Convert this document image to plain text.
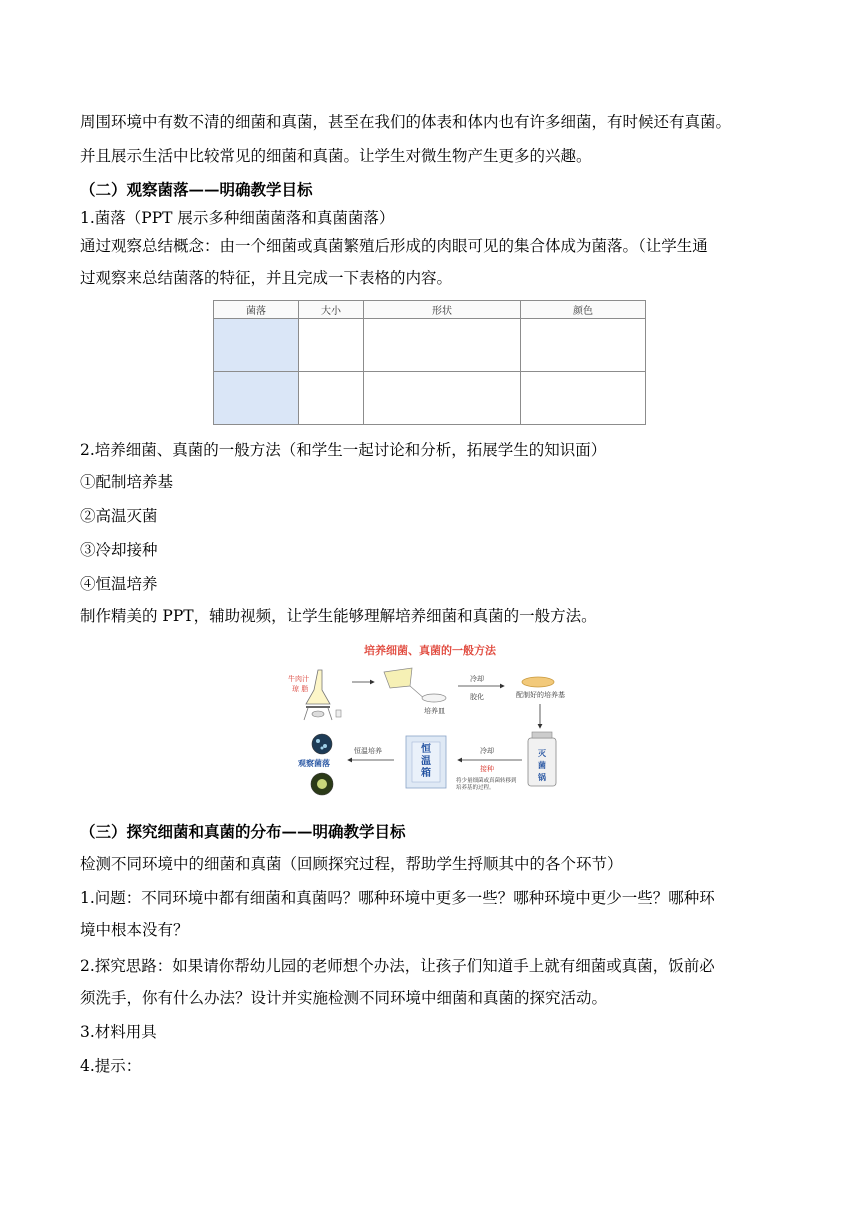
周围环境中有数不清的细菌和真菌，甚至在我们的体表和体内也有许多细菌，有时候还有真菌。
并且展示生活中比较常见的细菌和真菌。让学生对微生物产生更多的兴趣。
（二）观察菌落——明确教学目标
1.菌落（PPT 展示多种细菌菌落和真菌菌落）
通过观察总结概念：由一个细菌或真菌繁殖后形成的肉眼可见的集合体成为菌落。（让学生通
过观察来总结菌落的特征，并且完成一下表格的内容。
菌落	大小	形状	颜色

2.培养细菌、真菌的一般方法（和学生一起讨论和分析，拓展学生的知识面）
①配制培养基
②高温灭菌
③冷却接种
④恒温培养
制作精美的 PPT，辅助视频，让学生能够理解培养细菌和真菌的一般方法。
培养细菌、真菌的一般方法
牛肉汁
琼 脂
培养皿
冷却
胶化	配制好的培养基
灭菌锅
冷却
接种
将少量细菌或真菌转移到
培养基的过程。
恒温箱
恒温培养
观察菌落
（三）探究细菌和真菌的分布——明确教学目标
检测不同环境中的细菌和真菌（回顾探究过程，帮助学生捋顺其中的各个环节）
1.问题：不同环境中都有细菌和真菌吗？哪种环境中更多一些？哪种环境中更少一些？哪种环
境中根本没有？
2.探究思路：如果请你帮幼儿园的老师想个办法，让孩子们知道手上就有细菌或真菌，饭前必
须洗手，你有什么办法？设计并实施检测不同环境中细菌和真菌的探究活动。
3.材料用具
4.提示：
